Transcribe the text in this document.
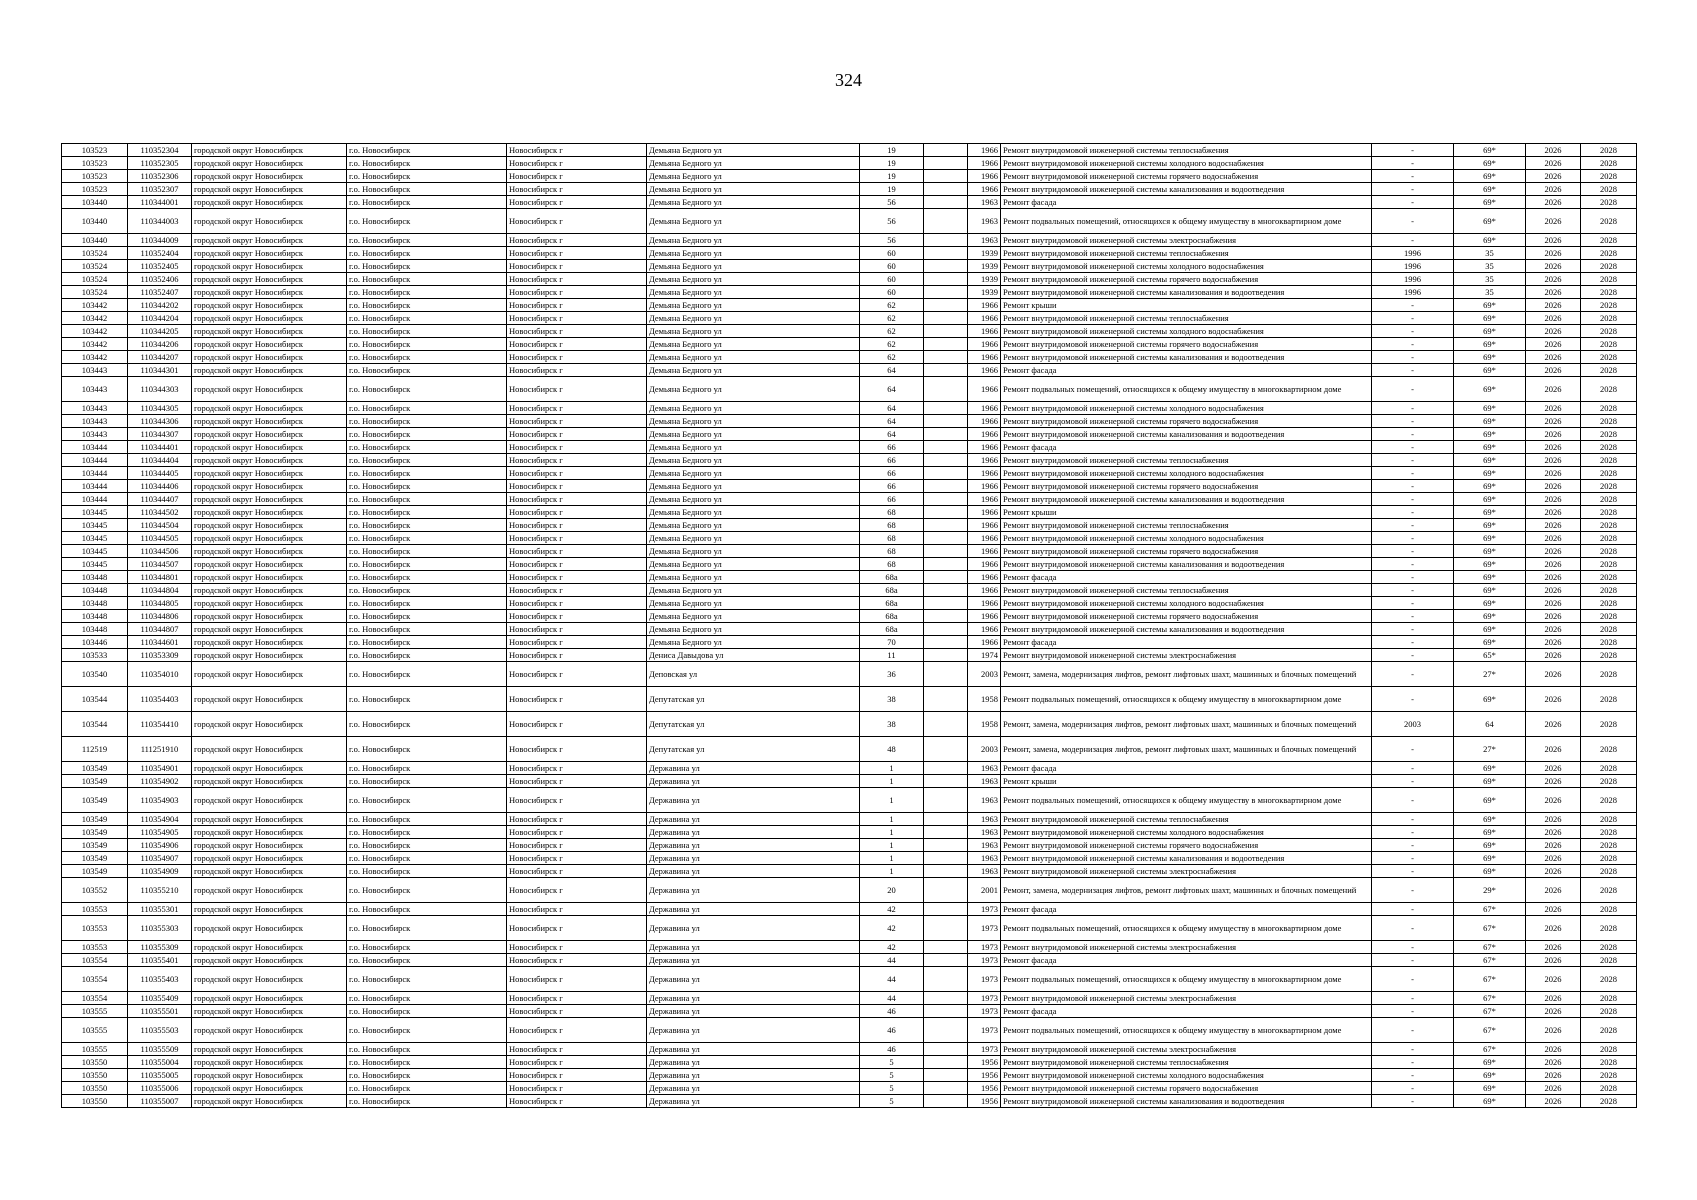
324
103523	110352304	городской округ Новосибирск	г.о. Новосибирск	Новосибирск г	Демьяна Бедного ул	19		1966	Ремонт внутридомовой инженерной системы теплоснабжения	-	69*	2026	2028
103523	110352305	городской округ Новосибирск	г.о. Новосибирск	Новосибирск г	Демьяна Бедного ул	19		1966	Ремонт внутридомовой инженерной системы холодного водоснабжения	-	69*	2026	2028
103523	110352306	городской округ Новосибирск	г.о. Новосибирск	Новосибирск г	Демьяна Бедного ул	19		1966	Ремонт внутридомовой инженерной системы горячего водоснабжения	-	69*	2026	2028
103523	110352307	городской округ Новосибирск	г.о. Новосибирск	Новосибирск г	Демьяна Бедного ул	19		1966	Ремонт внутридомовой инженерной системы канализования и водоотведения	-	69*	2026	2028
103440	110344001	городской округ Новосибирск	г.о. Новосибирск	Новосибирск г	Демьяна Бедного ул	56		1963	Ремонт фасада	-	69*	2026	2028
103440	110344003	городской округ Новосибирск	г.о. Новосибирск	Новосибирск г	Демьяна Бедного ул	56		1963	Ремонт подвальных помещений, относящихся к общему имуществу в многоквартирном доме	-	69*	2026	2028
103440	110344009	городской округ Новосибирск	г.о. Новосибирск	Новосибирск г	Демьяна Бедного ул	56		1963	Ремонт внутридомовой инженерной системы электроснабжения	-	69*	2026	2028
103524	110352404	городской округ Новосибирск	г.о. Новосибирск	Новосибирск г	Демьяна Бедного ул	60		1939	Ремонт внутридомовой инженерной системы теплоснабжения	1996	35	2026	2028
103524	110352405	городской округ Новосибирск	г.о. Новосибирск	Новосибирск г	Демьяна Бедного ул	60		1939	Ремонт внутридомовой инженерной системы холодного водоснабжения	1996	35	2026	2028
103524	110352406	городской округ Новосибирск	г.о. Новосибирск	Новосибирск г	Демьяна Бедного ул	60		1939	Ремонт внутридомовой инженерной системы горячего водоснабжения	1996	35	2026	2028
103524	110352407	городской округ Новосибирск	г.о. Новосибирск	Новосибирск г	Демьяна Бедного ул	60		1939	Ремонт внутридомовой инженерной системы канализования и водоотведения	1996	35	2026	2028
103442	110344202	городской округ Новосибирск	г.о. Новосибирск	Новосибирск г	Демьяна Бедного ул	62		1966	Ремонт крыши	-	69*	2026	2028
103442	110344204	городской округ Новосибирск	г.о. Новосибирск	Новосибирск г	Демьяна Бедного ул	62		1966	Ремонт внутридомовой инженерной системы теплоснабжения	-	69*	2026	2028
103442	110344205	городской округ Новосибирск	г.о. Новосибирск	Новосибирск г	Демьяна Бедного ул	62		1966	Ремонт внутридомовой инженерной системы холодного водоснабжения	-	69*	2026	2028
103442	110344206	городской округ Новосибирск	г.о. Новосибирск	Новосибирск г	Демьяна Бедного ул	62		1966	Ремонт внутридомовой инженерной системы горячего водоснабжения	-	69*	2026	2028
103442	110344207	городской округ Новосибирск	г.о. Новосибирск	Новосибирск г	Демьяна Бедного ул	62		1966	Ремонт внутридомовой инженерной системы канализования и водоотведения	-	69*	2026	2028
103443	110344301	городской округ Новосибирск	г.о. Новосибирск	Новосибирск г	Демьяна Бедного ул	64		1966	Ремонт фасада	-	69*	2026	2028
103443	110344303	городской округ Новосибирск	г.о. Новосибирск	Новосибирск г	Демьяна Бедного ул	64		1966	Ремонт подвальных помещений, относящихся к общему имуществу в многоквартирном доме	-	69*	2026	2028
103443	110344305	городской округ Новосибирск	г.о. Новосибирск	Новосибирск г	Демьяна Бедного ул	64		1966	Ремонт внутридомовой инженерной системы холодного водоснабжения	-	69*	2026	2028
103443	110344306	городской округ Новосибирск	г.о. Новосибирск	Новосибирск г	Демьяна Бедного ул	64		1966	Ремонт внутридомовой инженерной системы горячего водоснабжения	-	69*	2026	2028
103443	110344307	городской округ Новосибирск	г.о. Новосибирск	Новосибирск г	Демьяна Бедного ул	64		1966	Ремонт внутридомовой инженерной системы канализования и водоотведения	-	69*	2026	2028
103444	110344401	городской округ Новосибирск	г.о. Новосибирск	Новосибирск г	Демьяна Бедного ул	66		1966	Ремонт фасада	-	69*	2026	2028
103444	110344404	городской округ Новосибирск	г.о. Новосибирск	Новосибирск г	Демьяна Бедного ул	66		1966	Ремонт внутридомовой инженерной системы теплоснабжения	-	69*	2026	2028
103444	110344405	городской округ Новосибирск	г.о. Новосибирск	Новосибирск г	Демьяна Бедного ул	66		1966	Ремонт внутридомовой инженерной системы холодного водоснабжения	-	69*	2026	2028
103444	110344406	городской округ Новосибирск	г.о. Новосибирск	Новосибирск г	Демьяна Бедного ул	66		1966	Ремонт внутридомовой инженерной системы горячего водоснабжения	-	69*	2026	2028
103444	110344407	городской округ Новосибирск	г.о. Новосибирск	Новосибирск г	Демьяна Бедного ул	66		1966	Ремонт внутридомовой инженерной системы канализования и водоотведения	-	69*	2026	2028
103445	110344502	городской округ Новосибирск	г.о. Новосибирск	Новосибирск г	Демьяна Бедного ул	68		1966	Ремонт крыши	-	69*	2026	2028
103445	110344504	городской округ Новосибирск	г.о. Новосибирск	Новосибирск г	Демьяна Бедного ул	68		1966	Ремонт внутридомовой инженерной системы теплоснабжения	-	69*	2026	2028
103445	110344505	городской округ Новосибирск	г.о. Новосибирск	Новосибирск г	Демьяна Бедного ул	68		1966	Ремонт внутридомовой инженерной системы холодного водоснабжения	-	69*	2026	2028
103445	110344506	городской округ Новосибирск	г.о. Новосибирск	Новосибирск г	Демьяна Бедного ул	68		1966	Ремонт внутридомовой инженерной системы горячего водоснабжения	-	69*	2026	2028
103445	110344507	городской округ Новосибирск	г.о. Новосибирск	Новосибирск г	Демьяна Бедного ул	68		1966	Ремонт внутридомовой инженерной системы канализования и водоотведения	-	69*	2026	2028
103448	110344801	городской округ Новосибирск	г.о. Новосибирск	Новосибирск г	Демьяна Бедного ул	68а		1966	Ремонт фасада	-	69*	2026	2028
103448	110344804	городской округ Новосибирск	г.о. Новосибирск	Новосибирск г	Демьяна Бедного ул	68а		1966	Ремонт внутридомовой инженерной системы теплоснабжения	-	69*	2026	2028
103448	110344805	городской округ Новосибирск	г.о. Новосибирск	Новосибирск г	Демьяна Бедного ул	68а		1966	Ремонт внутридомовой инженерной системы холодного водоснабжения	-	69*	2026	2028
103448	110344806	городской округ Новосибирск	г.о. Новосибирск	Новосибирск г	Демьяна Бедного ул	68а		1966	Ремонт внутридомовой инженерной системы горячего водоснабжения	-	69*	2026	2028
103448	110344807	городской округ Новосибирск	г.о. Новосибирск	Новосибирск г	Демьяна Бедного ул	68а		1966	Ремонт внутридомовой инженерной системы канализования и водоотведения	-	69*	2026	2028
103446	110344601	городской округ Новосибирск	г.о. Новосибирск	Новосибирск г	Демьяна Бедного ул	70		1966	Ремонт фасада	-	69*	2026	2028
103533	110353309	городской округ Новосибирск	г.о. Новосибирск	Новосибирск г	Дениса Давыдова ул	11		1974	Ремонт внутридомовой инженерной системы электроснабжения	-	65*	2026	2028
103540	110354010	городской округ Новосибирск	г.о. Новосибирск	Новосибирск г	Деповская ул	36		2003	Ремонт, замена, модернизация лифтов, ремонт лифтовых шахт, машинных и блочных помещений	-	27*	2026	2028
103544	110354403	городской округ Новосибирск	г.о. Новосибирск	Новосибирск г	Депутатская ул	38		1958	Ремонт подвальных помещений, относящихся к общему имуществу в многоквартирном доме	-	69*	2026	2028
103544	110354410	городской округ Новосибирск	г.о. Новосибирск	Новосибирск г	Депутатская ул	38		1958	Ремонт, замена, модернизация лифтов, ремонт лифтовых шахт, машинных и блочных помещений	2003	64	2026	2028
112519	111251910	городской округ Новосибирск	г.о. Новосибирск	Новосибирск г	Депутатская ул	48		2003	Ремонт, замена, модернизация лифтов, ремонт лифтовых шахт, машинных и блочных помещений	-	27*	2026	2028
103549	110354901	городской округ Новосибирск	г.о. Новосибирск	Новосибирск г	Державина ул	1		1963	Ремонт фасада	-	69*	2026	2028
103549	110354902	городской округ Новосибирск	г.о. Новосибирск	Новосибирск г	Державина ул	1		1963	Ремонт крыши	-	69*	2026	2028
103549	110354903	городской округ Новосибирск	г.о. Новосибирск	Новосибирск г	Державина ул	1		1963	Ремонт подвальных помещений, относящихся к общему имуществу в многоквартирном доме	-	69*	2026	2028
103549	110354904	городской округ Новосибирск	г.о. Новосибирск	Новосибирск г	Державина ул	1		1963	Ремонт внутридомовой инженерной системы теплоснабжения	-	69*	2026	2028
103549	110354905	городской округ Новосибирск	г.о. Новосибирск	Новосибирск г	Державина ул	1		1963	Ремонт внутридомовой инженерной системы холодного водоснабжения	-	69*	2026	2028
103549	110354906	городской округ Новосибирск	г.о. Новосибирск	Новосибирск г	Державина ул	1		1963	Ремонт внутридомовой инженерной системы горячего водоснабжения	-	69*	2026	2028
103549	110354907	городской округ Новосибирск	г.о. Новосибирск	Новосибирск г	Державина ул	1		1963	Ремонт внутридомовой инженерной системы канализования и водоотведения	-	69*	2026	2028
103549	110354909	городской округ Новосибирск	г.о. Новосибирск	Новосибирск г	Державина ул	1		1963	Ремонт внутридомовой инженерной системы электроснабжения	-	69*	2026	2028
103552	110355210	городской округ Новосибирск	г.о. Новосибирск	Новосибирск г	Державина ул	20		2001	Ремонт, замена, модернизация лифтов, ремонт лифтовых шахт, машинных и блочных помещений	-	29*	2026	2028
103553	110355301	городской округ Новосибирск	г.о. Новосибирск	Новосибирск г	Державина ул	42		1973	Ремонт фасада	-	67*	2026	2028
103553	110355303	городской округ Новосибирск	г.о. Новосибирск	Новосибирск г	Державина ул	42		1973	Ремонт подвальных помещений, относящихся к общему имуществу в многоквартирном доме	-	67*	2026	2028
103553	110355309	городской округ Новосибирск	г.о. Новосибирск	Новосибирск г	Державина ул	42		1973	Ремонт внутридомовой инженерной системы электроснабжения	-	67*	2026	2028
103554	110355401	городской округ Новосибирск	г.о. Новосибирск	Новосибирск г	Державина ул	44		1973	Ремонт фасада	-	67*	2026	2028
103554	110355403	городской округ Новосибирск	г.о. Новосибирск	Новосибирск г	Державина ул	44		1973	Ремонт подвальных помещений, относящихся к общему имуществу в многоквартирном доме	-	67*	2026	2028
103554	110355409	городской округ Новосибирск	г.о. Новосибирск	Новосибирск г	Державина ул	44		1973	Ремонт внутридомовой инженерной системы электроснабжения	-	67*	2026	2028
103555	110355501	городской округ Новосибирск	г.о. Новосибирск	Новосибирск г	Державина ул	46		1973	Ремонт фасада	-	67*	2026	2028
103555	110355503	городской округ Новосибирск	г.о. Новосибирск	Новосибирск г	Державина ул	46		1973	Ремонт подвальных помещений, относящихся к общему имуществу в многоквартирном доме	-	67*	2026	2028
103555	110355509	городской округ Новосибирск	г.о. Новосибирск	Новосибирск г	Державина ул	46		1973	Ремонт внутридомовой инженерной системы электроснабжения	-	67*	2026	2028
103550	110355004	городской округ Новосибирск	г.о. Новосибирск	Новосибирск г	Державина ул	5		1956	Ремонт внутридомовой инженерной системы теплоснабжения	-	69*	2026	2028
103550	110355005	городской округ Новосибирск	г.о. Новосибирск	Новосибирск г	Державина ул	5		1956	Ремонт внутридомовой инженерной системы холодного водоснабжения	-	69*	2026	2028
103550	110355006	городской округ Новосибирск	г.о. Новосибирск	Новосибирск г	Державина ул	5		1956	Ремонт внутридомовой инженерной системы горячего водоснабжения	-	69*	2026	2028
103550	110355007	городской округ Новосибирск	г.о. Новосибирск	Новосибирск г	Державина ул	5		1956	Ремонт внутридомовой инженерной системы канализования и водоотведения	-	69*	2026	2028
